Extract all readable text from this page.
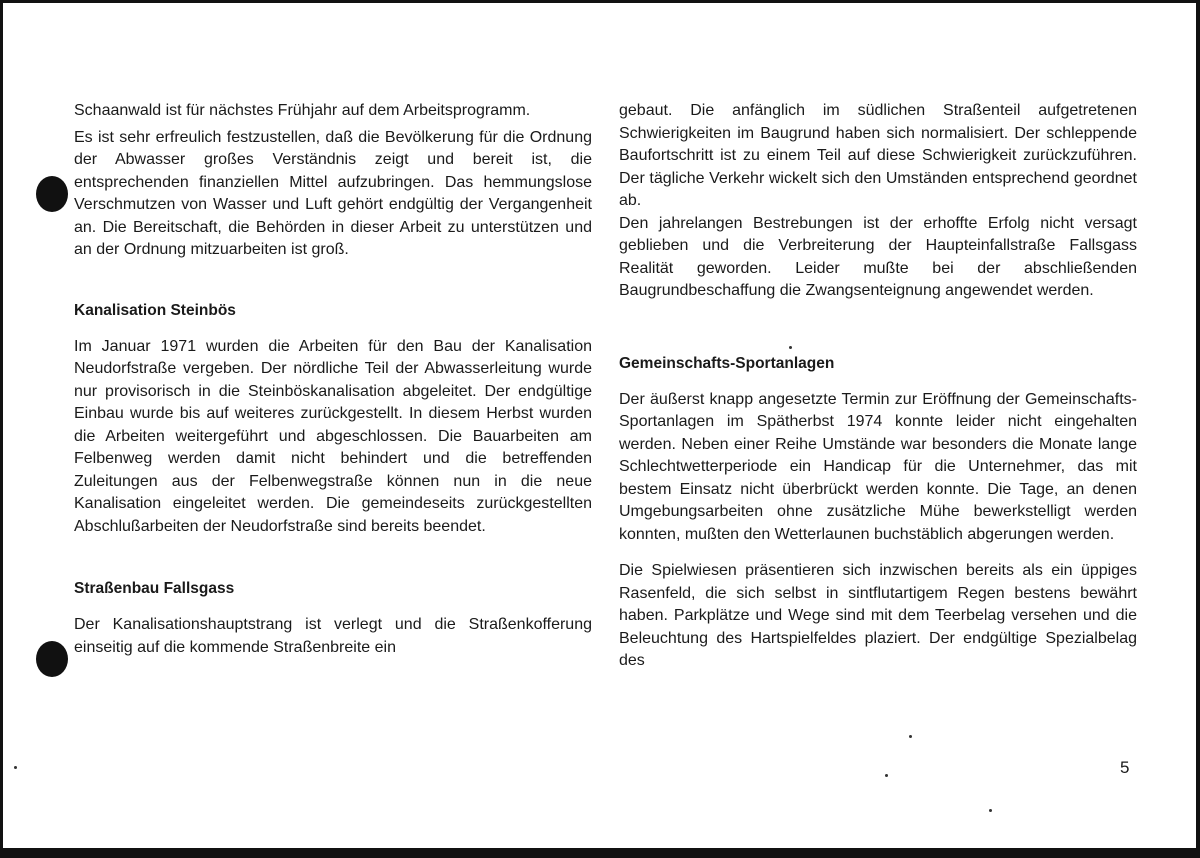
Schaanwald ist für nächstes Frühjahr auf dem Arbeitsprogramm.

Es ist sehr erfreulich festzustellen, daß die Bevölkerung für die Ordnung der Abwasser großes Verständnis zeigt und bereit ist, die entsprechenden finanziellen Mittel aufzubringen. Das hemmungslose Verschmutzen von Wasser und Luft gehört endgültig der Vergangenheit an. Die Bereitschaft, die Behörden in dieser Arbeit zu unterstützen und an der Ordnung mitzuarbeiten ist groß.

Kanalisation Steinbös

Im Januar 1971 wurden die Arbeiten für den Bau der Kanalisation Neudorfstraße vergeben. Der nördliche Teil der Abwasserleitung wurde nur provisorisch in die Steinböskanalisation abgeleitet. Der endgültige Einbau wurde bis auf weiteres zurückgestellt. In diesem Herbst wurden die Arbeiten weitergeführt und abgeschlossen. Die Bauarbeiten am Felbenweg werden damit nicht behindert und die betreffenden Zuleitungen aus der Felbenwegstraße können nun in die neue Kanalisation eingeleitet werden. Die gemeindeseits zurückgestellten Abschlußarbeiten der Neudorfstraße sind bereits beendet.

Straßenbau Fallsgass

Der Kanalisationshauptstrang ist verlegt und die Straßenkofferung einseitig auf die kommende Straßenbreite ein

gebaut. Die anfänglich im südlichen Straßenteil aufgetretenen Schwierigkeiten im Baugrund haben sich normalisiert. Der schleppende Baufortschritt ist zu einem Teil auf diese Schwierigkeit zurückzuführen. Der tägliche Verkehr wickelt sich den Umständen entsprechend geordnet ab.

Den jahrelangen Bestrebungen ist der erhoffte Erfolg nicht versagt geblieben und die Verbreiterung der Haupteinfallstraße Fallsgass Realität geworden. Leider mußte bei der abschließenden Baugrundbeschaffung die Zwangsenteignung angewendet werden.

Gemeinschafts-Sportanlagen

Der äußerst knapp angesetzte Termin zur Eröffnung der Gemeinschafts-Sportanlagen im Spätherbst 1974 konnte leider nicht eingehalten werden. Neben einer Reihe Umstände war besonders die Monate lange Schlechtwetterperiode ein Handicap für die Unternehmer, das mit bestem Einsatz nicht überbrückt werden konnte. Die Tage, an denen Umgebungsarbeiten ohne zusätzliche Mühe bewerkstelligt werden konnten, mußten den Wetterlaunen buchstäblich abgerungen werden.

Die Spielwiesen präsentieren sich inzwischen bereits als ein üppiges Rasenfeld, die sich selbst in sintflutartigem Regen bestens bewährt haben. Parkplätze und Wege sind mit dem Teerbelag versehen und die Beleuchtung des Hartspielfeldes plaziert. Der endgültige Spezialbelag des

5
